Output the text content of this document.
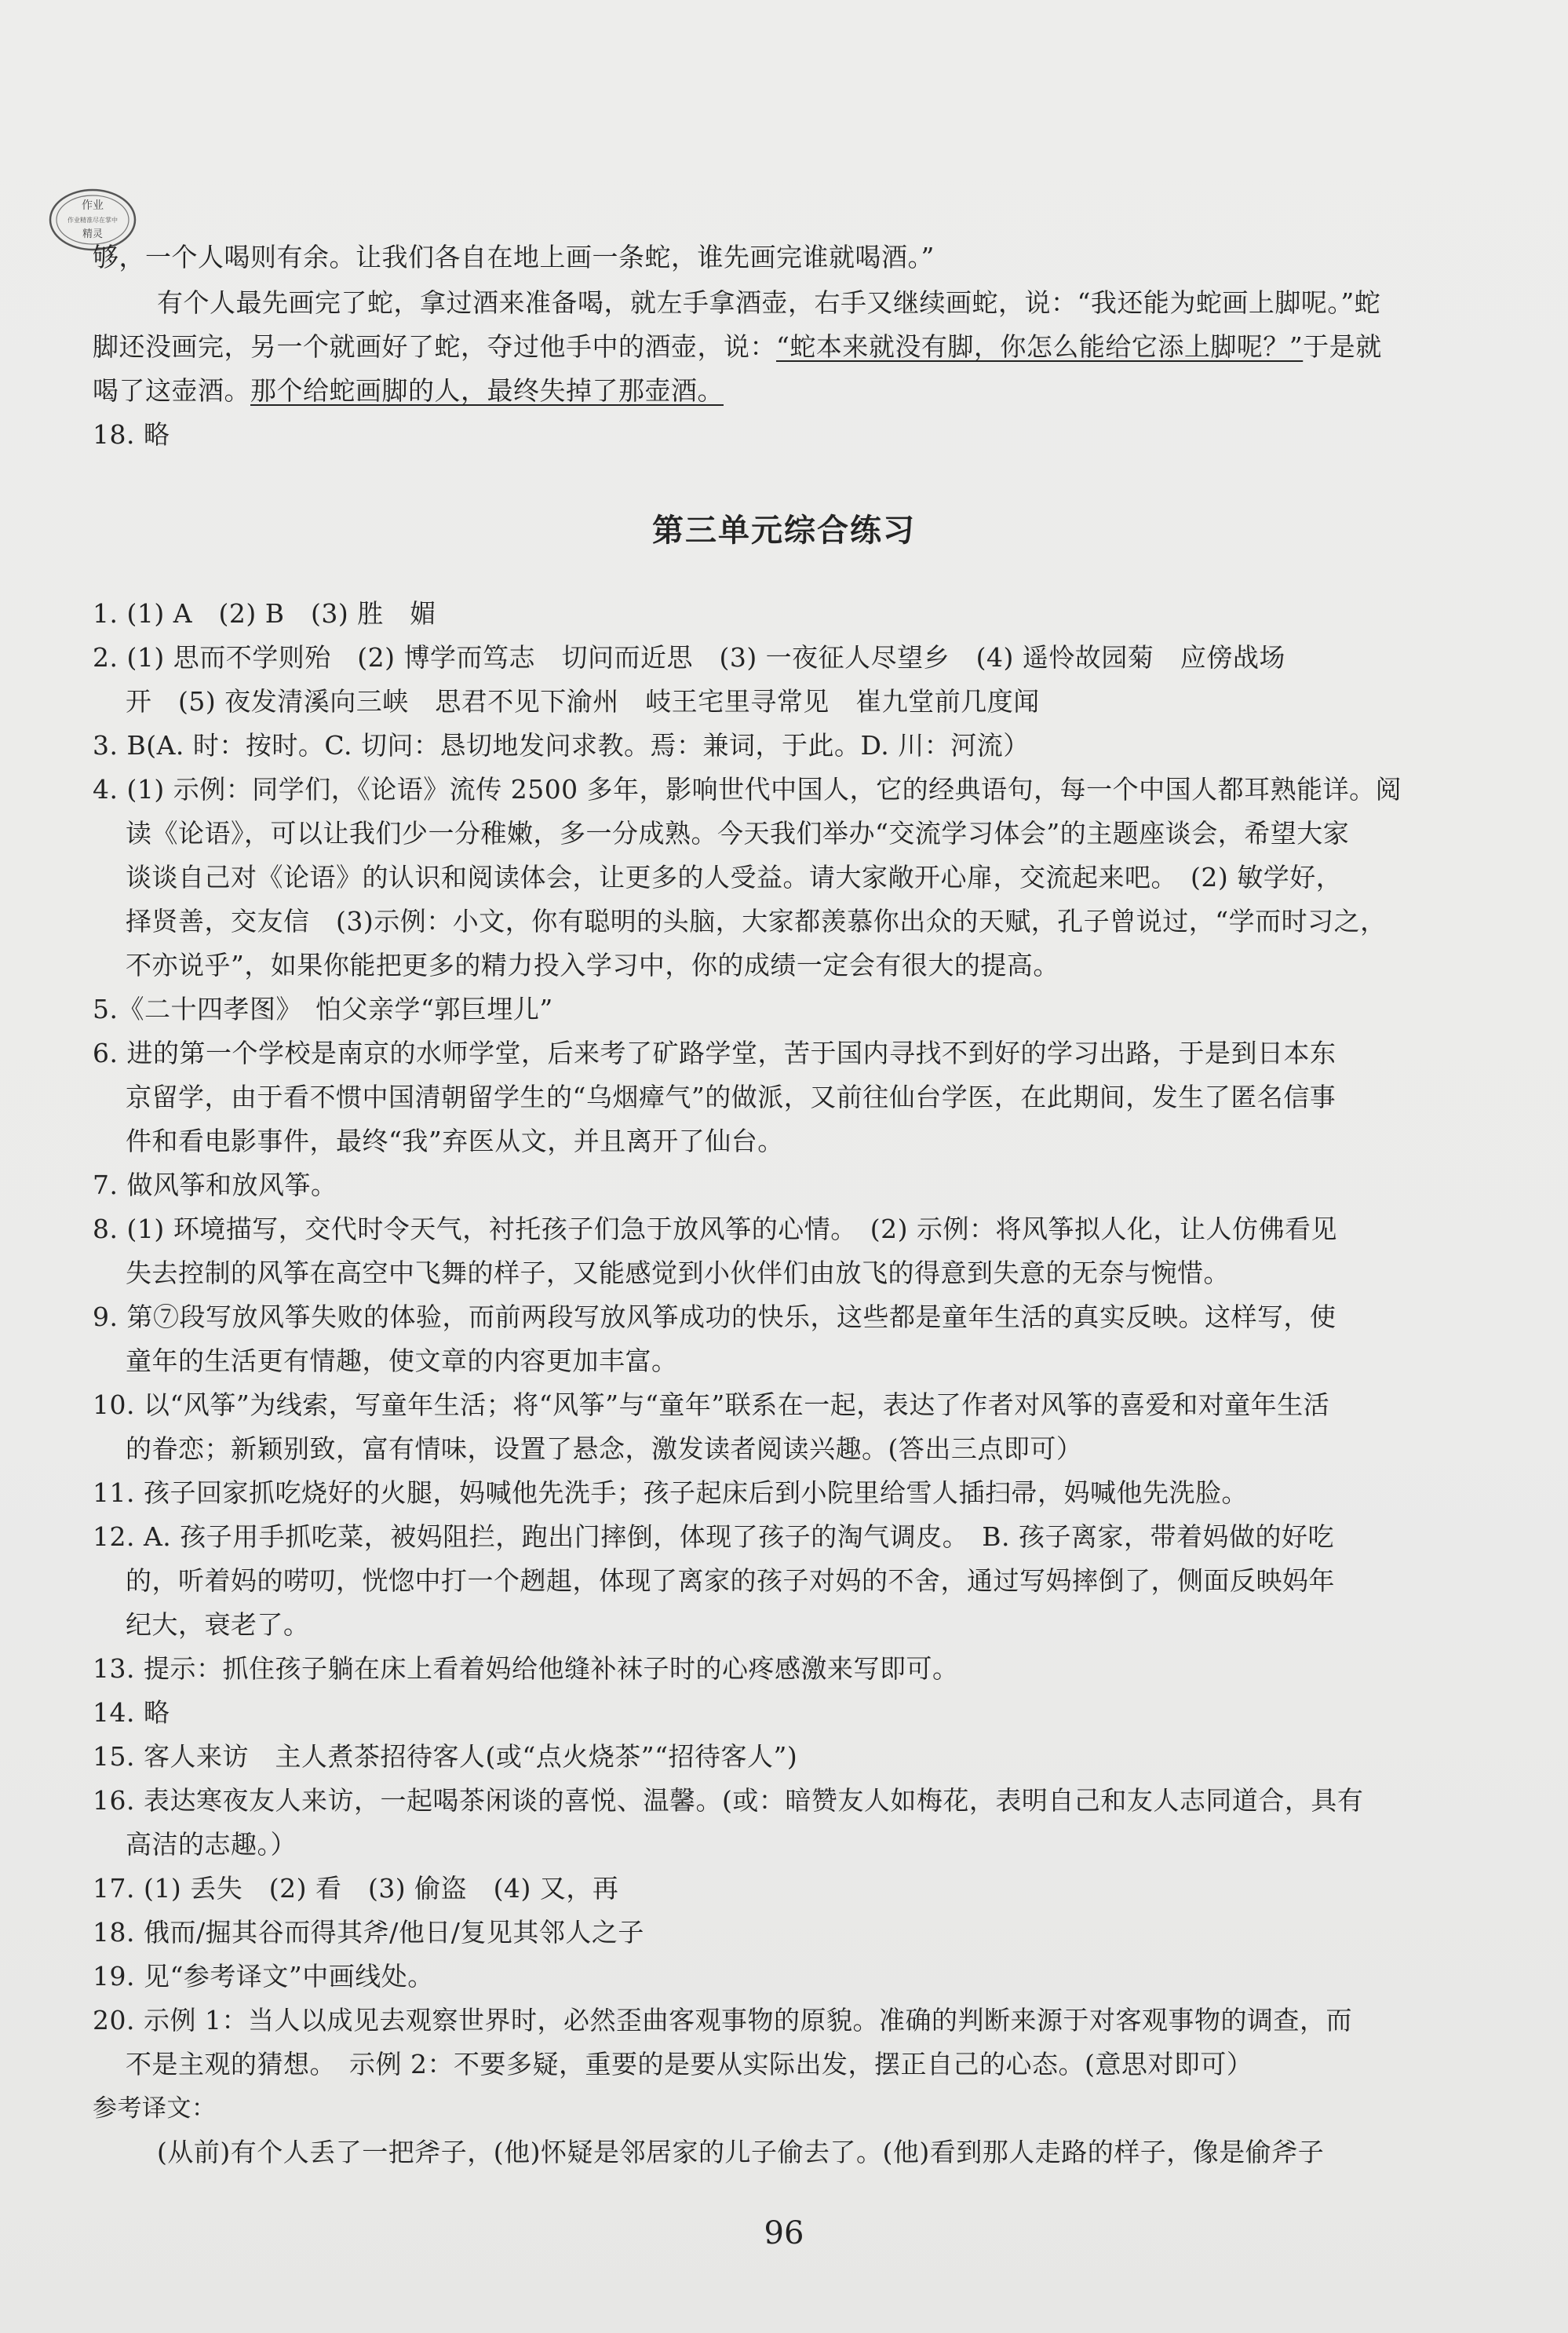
作业
作业精准尽在掌中
精灵
够，一个人喝则有余。让我们各自在地上画一条蛇，谁先画完谁就喝酒。”
有个人最先画完了蛇，拿过酒来准备喝，就左手拿酒壶，右手又继续画蛇，说：“我还能为蛇画上脚呢。”蛇
脚还没画完，另一个就画好了蛇，夺过他手中的酒壶，说：“蛇本来就没有脚，你怎么能给它添上脚呢？”于是就
喝了这壶酒。那个给蛇画脚的人，最终失掉了那壶酒。
18. 略
第三单元综合练习
1. (1) A　(2) B　(3) 胜　媚
2. (1) 思而不学则殆　(2) 博学而笃志　切问而近思　(3) 一夜征人尽望乡　(4) 遥怜故园菊　应傍战场
开　(5) 夜发清溪向三峡　思君不见下渝州　岐王宅里寻常见　崔九堂前几度闻
3. B(A. 时：按时。C. 切问：恳切地发问求教。焉：兼词，于此。D. 川：河流）
4. (1) 示例：同学们，《论语》流传 2500 多年，影响世代中国人，它的经典语句，每一个中国人都耳熟能详。阅
读《论语》，可以让我们少一分稚嫩，多一分成熟。今天我们举办“交流学习体会”的主题座谈会，希望大家
谈谈自己对《论语》的认识和阅读体会，让更多的人受益。请大家敞开心扉，交流起来吧。　(2) 敏学好，
择贤善，交友信　(3)示例：小文，你有聪明的头脑，大家都羡慕你出众的天赋，孔子曾说过，“学而时习之，
不亦说乎”，如果你能把更多的精力投入学习中，你的成绩一定会有很大的提高。
5.《二十四孝图》　怕父亲学“郭巨埋儿”
6. 进的第一个学校是南京的水师学堂，后来考了矿路学堂，苦于国内寻找不到好的学习出路，于是到日本东
京留学，由于看不惯中国清朝留学生的“乌烟瘴气”的做派，又前往仙台学医，在此期间，发生了匿名信事
件和看电影事件，最终“我”弃医从文，并且离开了仙台。
7. 做风筝和放风筝。
8. (1) 环境描写，交代时令天气，衬托孩子们急于放风筝的心情。　(2) 示例：将风筝拟人化，让人仿佛看见
失去控制的风筝在高空中飞舞的样子，又能感觉到小伙伴们由放飞的得意到失意的无奈与惋惜。
9. 第⑦段写放风筝失败的体验，而前两段写放风筝成功的快乐，这些都是童年生活的真实反映。这样写，使
童年的生活更有情趣，使文章的内容更加丰富。
10. 以“风筝”为线索，写童年生活；将“风筝”与“童年”联系在一起，表达了作者对风筝的喜爱和对童年生活
的眷恋；新颖别致，富有情味，设置了悬念，激发读者阅读兴趣。(答出三点即可）
11. 孩子回家抓吃烧好的火腿，妈喊他先洗手；孩子起床后到小院里给雪人插扫帚，妈喊他先洗脸。
12. A. 孩子用手抓吃菜，被妈阻拦，跑出门摔倒，体现了孩子的淘气调皮。　B. 孩子离家，带着妈做的好吃
的，听着妈的唠叨，恍惚中打一个趔趄，体现了离家的孩子对妈的不舍，通过写妈摔倒了，侧面反映妈年
纪大，衰老了。
13. 提示：抓住孩子躺在床上看着妈给他缝补袜子时的心疼感激来写即可。
14. 略
15. 客人来访　主人煮茶招待客人(或“点火烧茶”“招待客人”)
16. 表达寒夜友人来访，一起喝茶闲谈的喜悦、温馨。(或：暗赞友人如梅花，表明自己和友人志同道合，具有
高洁的志趣。）
17. (1) 丢失　(2) 看　(3) 偷盗　(4) 又，再
18. 俄而/掘其谷而得其斧/他日/复见其邻人之子
19. 见“参考译文”中画线处。
20. 示例 1：当人以成见去观察世界时，必然歪曲客观事物的原貌。准确的判断来源于对客观事物的调查，而
不是主观的猜想。　示例 2：不要多疑，重要的是要从实际出发，摆正自己的心态。(意思对即可）
参考译文：
(从前)有个人丢了一把斧子，(他)怀疑是邻居家的儿子偷去了。(他)看到那人走路的样子，像是偷斧子
96
